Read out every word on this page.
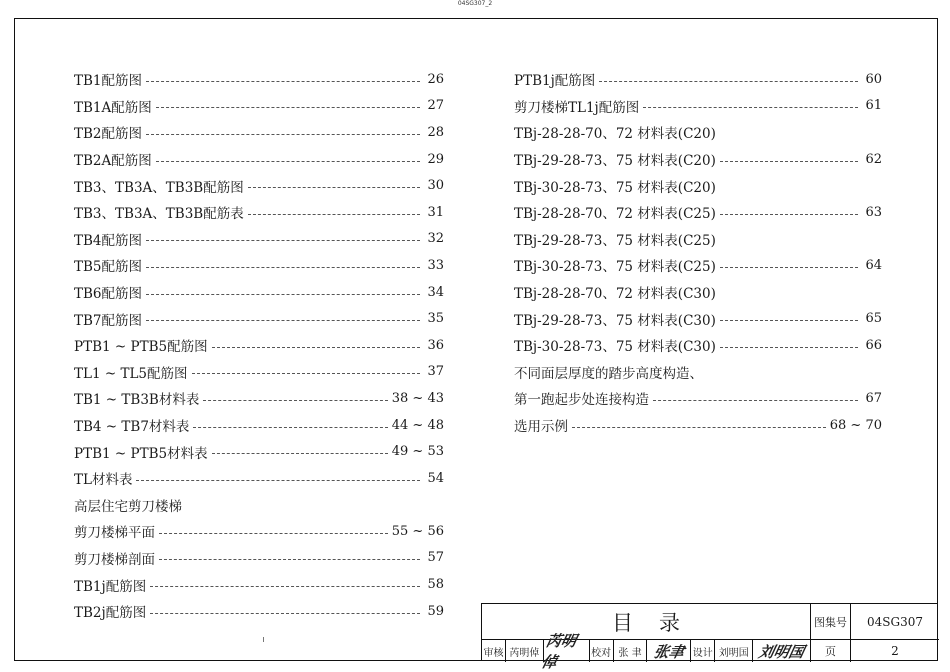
04SG307_2
TB1配筋图	26
TB1A配筋图	27
TB2配筋图	28
TB2A配筋图	29
TB3、TB3A、TB3B配筋图	30
TB3、TB3A、TB3B配筋表	31
TB4配筋图	32
TB5配筋图	33
TB6配筋图	34
TB7配筋图	35
PTB1 ~ PTB5配筋图	36
TL1 ~ TL5配筋图	37
TB1 ~ TB3B材料表	38 ~ 43
TB4 ~ TB7材料表	44 ~ 48
PTB1 ~ PTB5材料表	49 ~ 53
TL材料表	54
高层住宅剪刀楼梯
剪刀楼梯平面	55 ~ 56
剪刀楼梯剖面	57
TB1j配筋图	58
TB2j配筋图	59
PTB1j配筋图	60
剪刀楼梯TL1j配筋图	61
TBj-28-28-70、72 材料表(C20)
TBj-29-28-73、75 材料表(C20)	62
TBj-30-28-73、75 材料表(C20)
TBj-28-28-70、72 材料表(C25)	63
TBj-29-28-73、75 材料表(C25)
TBj-30-28-73、75 材料表(C25)	64
TBj-28-28-70、72 材料表(C30)
TBj-29-28-73、75 材料表(C30)	65
TBj-30-28-73、75 材料表(C30)	66
不同面层厚度的踏步高度构造、
第一跑起步处连接构造	67
选用示例	68 ~ 70
目录	图集号	04SG307
审核 芮明倬
芮明倬	校对 张 聿 张聿 设计 刘明国 刘明国	页	2
